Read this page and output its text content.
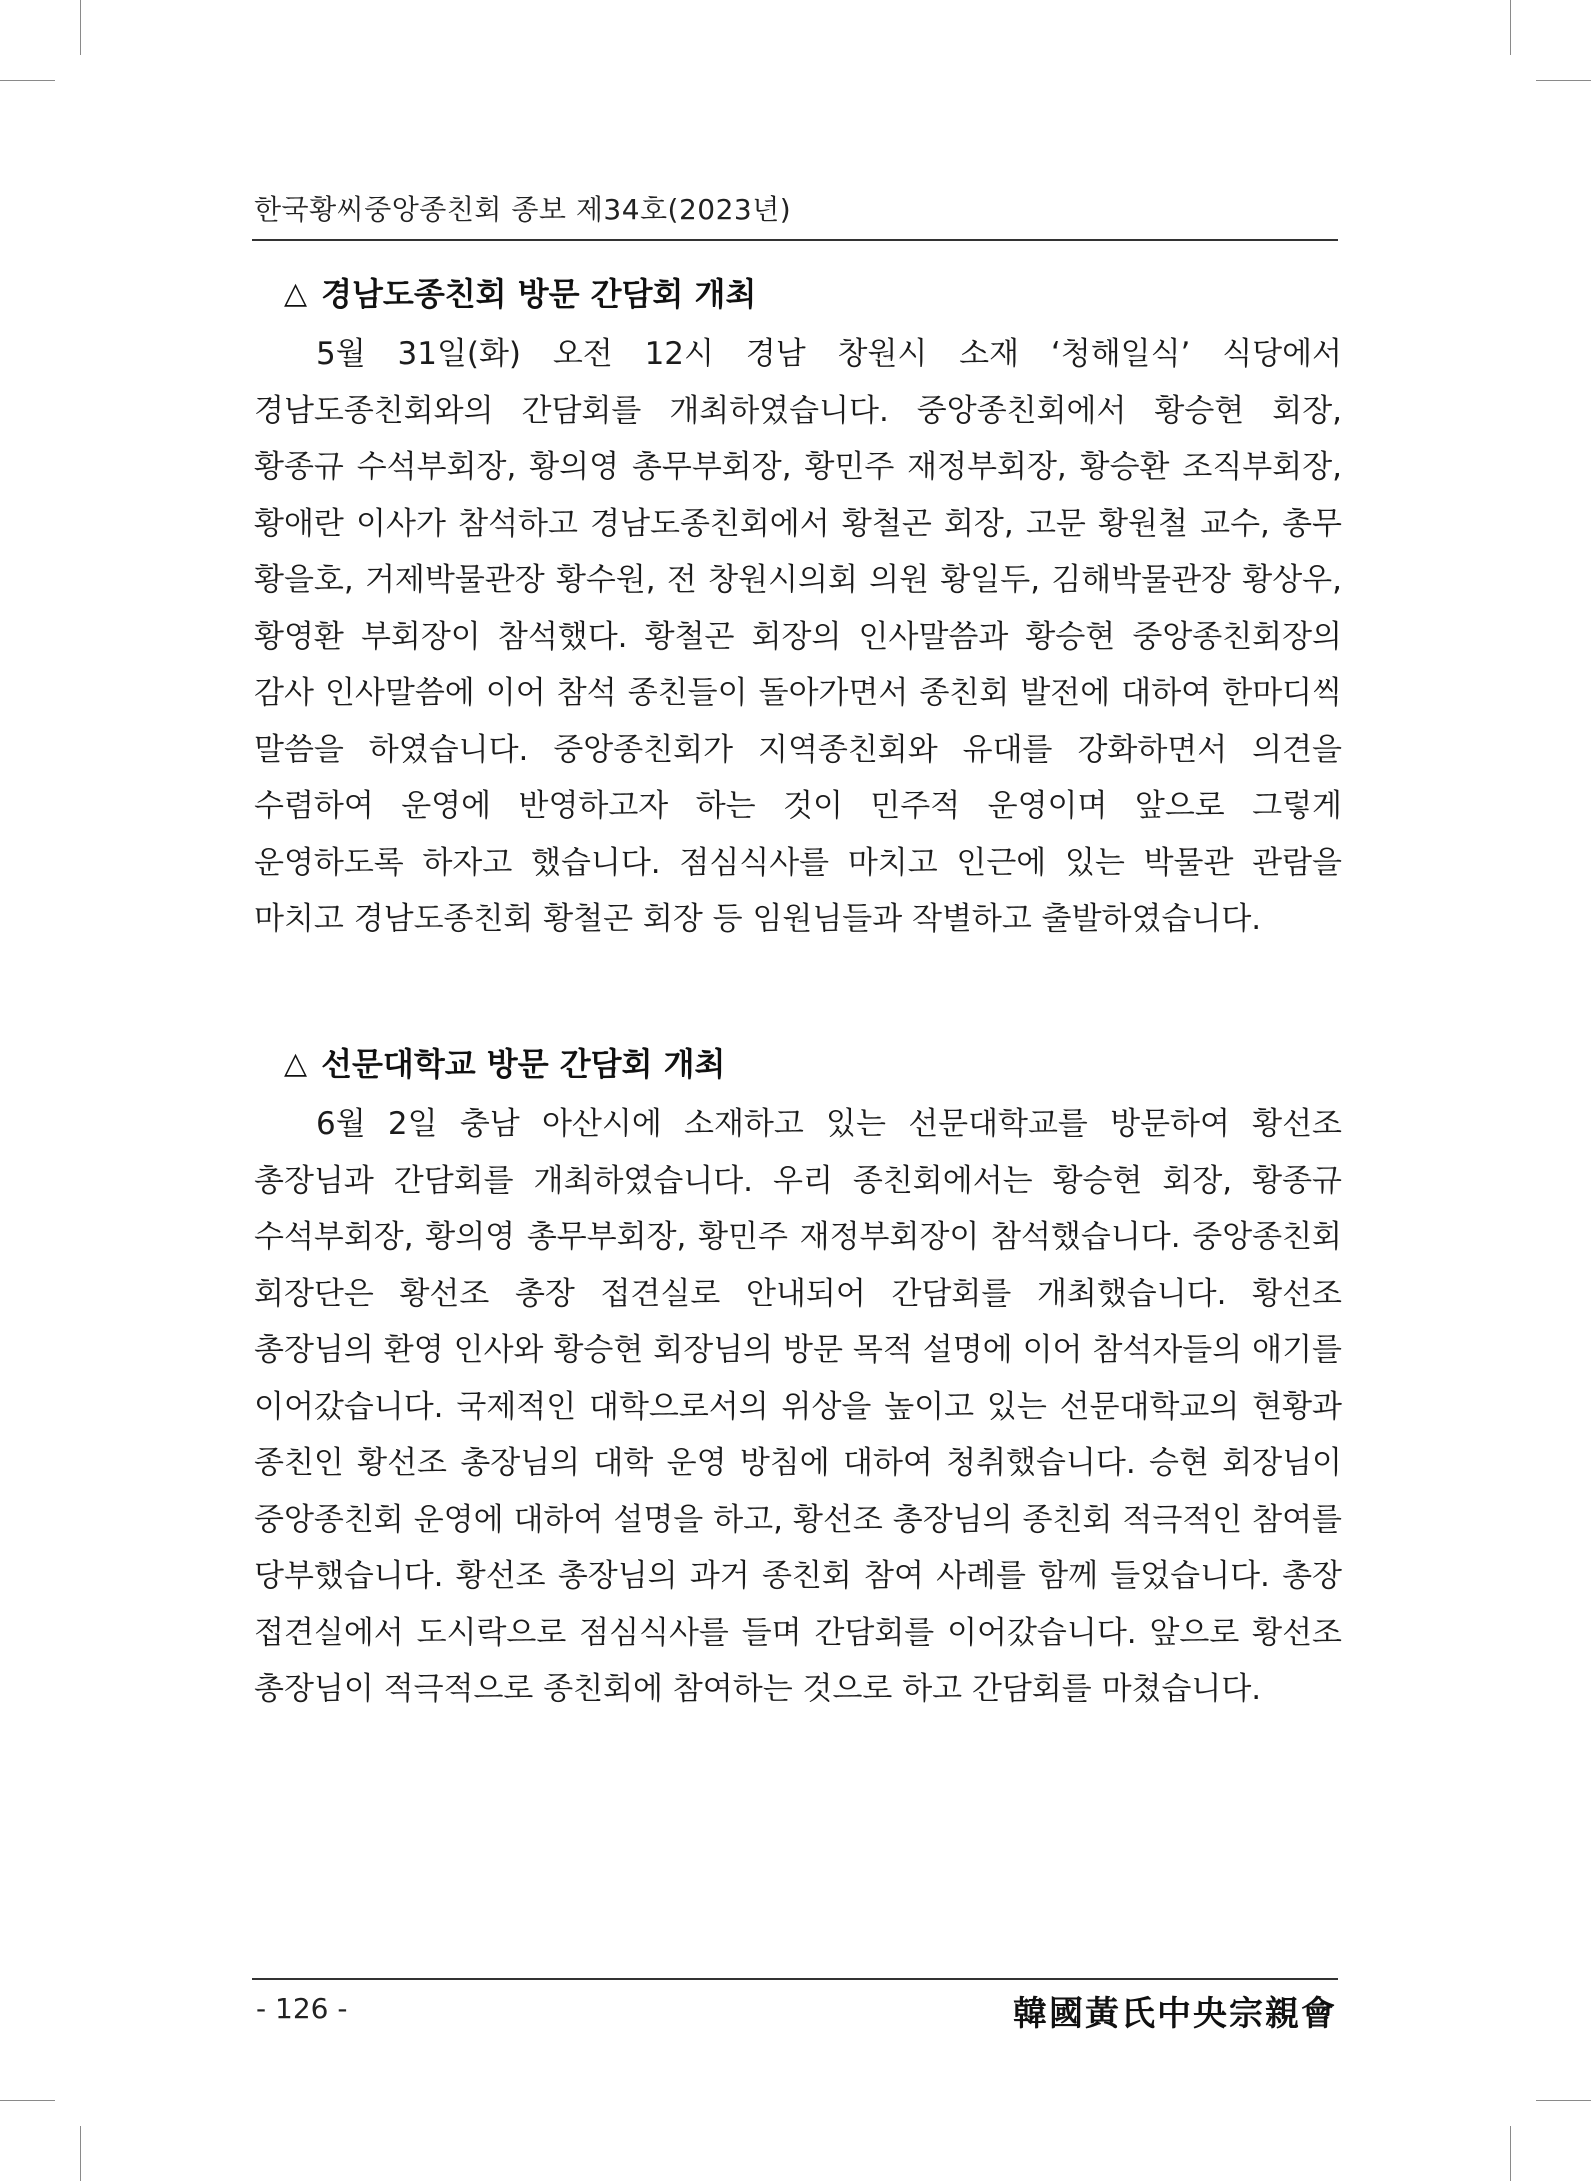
한국황씨중앙종친회 종보 제34호(2023년)
△ 경남도종친회 방문 간담회 개최

5월 31일(화) 오전 12시 경남 창원시 소재 ‘청해일식’ 식당에서 경남도종친회와의 간담회를 개최하였습니다. 중앙종친회에서 황승현 회장, 황종규 수석부회장, 황의영 총무부회장, 황민주 재정부회장, 황승환 조직부회장, 황애란 이사가 참석하고 경남도종친회에서 황철곤 회장, 고문 황원철 교수, 총무 황을호, 거제박물관장 황수원, 전 창원시의회 의원 황일두, 김해박물관장 황상우, 황영환 부회장이 참석했다. 황철곤 회장의 인사말씀과 황승현 중앙종친회장의 감사 인사말씀에 이어 참석 종친들이 돌아가면서 종친회 발전에 대하여 한마디씩 말씀을 하였습니다. 중앙종친회가 지역종친회와 유대를 강화하면서 의견을 수렴하여 운영에 반영하고자 하는 것이 민주적 운영이며 앞으로 그렇게 운영하도록 하자고 했습니다. 점심식사를 마치고 인근에 있는 박물관 관람을 마치고 경남도종친회 황철곤 회장 등 임원님들과 작별하고 출발하였습니다.

△ 선문대학교 방문 간담회 개최

6월 2일 충남 아산시에 소재하고 있는 선문대학교를 방문하여 황선조 총장님과 간담회를 개최하였습니다. 우리 종친회에서는 황승현 회장, 황종규 수석부회장, 황의영 총무부회장, 황민주 재정부회장이 참석했습니다. 중앙종친회 회장단은 황선조 총장 접견실로 안내되어 간담회를 개최했습니다. 황선조 총장님의 환영 인사와 황승현 회장님의 방문 목적 설명에 이어 참석자들의 애기를 이어갔습니다. 국제적인 대학으로서의 위상을 높이고 있는 선문대학교의 현황과 종친인 황선조 총장님의 대학 운영 방침에 대하여 청취했습니다. 승현 회장님이 중앙종친회 운영에 대하여 설명을 하고, 황선조 총장님의 종친회 적극적인 참여를 당부했습니다. 황선조 총장님의 과거 종친회 참여 사례를 함께 들었습니다. 총장 접견실에서 도시락으로 점심식사를 들며 간담회를 이어갔습니다. 앞으로 황선조 총장님이 적극적으로 종친회에 참여하는 것으로 하고 간담회를 마쳤습니다.

- 126 -	韓國黃氏中央宗親會
